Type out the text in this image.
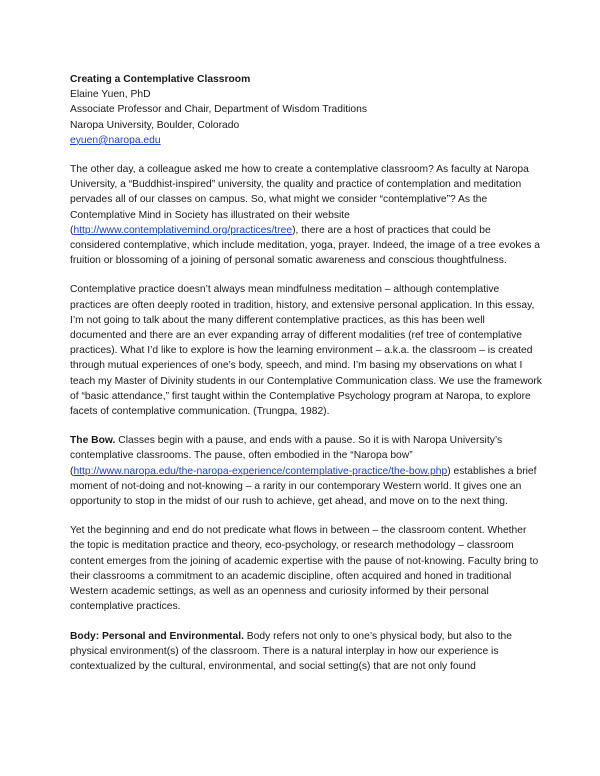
Creating a Contemplative Classroom
Elaine Yuen, PhD
Associate Professor and Chair, Department of Wisdom Traditions
Naropa University, Boulder, Colorado
eyuen@naropa.edu

The other day, a colleague asked me how to create a contemplative classroom? As faculty at Naropa University, a “Buddhist-inspired” university, the quality and practice of contemplation and meditation pervades all of our classes on campus. So, what might we consider “contemplative”? As the Contemplative Mind in Society has illustrated on their website (http://www.contemplativemind.org/practices/tree), there are a host of practices that could be considered contemplative, which include meditation, yoga, prayer. Indeed, the image of a tree evokes a fruition or blossoming of a joining of personal somatic awareness and conscious thoughtfulness.

Contemplative practice doesn’t always mean mindfulness meditation – although contemplative practices are often deeply rooted in tradition, history, and extensive personal application. In this essay, I’m not going to talk about the many different contemplative practices, as this has been well documented and there are an ever expanding array of different modalities (ref tree of contemplative practices). What I’d like to explore is how the learning environment – a.k.a. the classroom – is created through mutual experiences of one’s body, speech, and mind. I’m basing my observations on what I teach my Master of Divinity students in our Contemplative Communication class. We use the framework of “basic attendance,” first taught within the Contemplative Psychology program at Naropa, to explore facets of contemplative communication. (Trungpa, 1982).

The Bow. Classes begin with a pause, and ends with a pause. So it is with Naropa University’s contemplative classrooms. The pause, often embodied in the “Naropa bow” (http://www.naropa.edu/the-naropa-experience/contemplative-practice/the-bow.php) establishes a brief moment of not-doing and not-knowing – a rarity in our contemporary Western world. It gives one an opportunity to stop in the midst of our rush to achieve, get ahead, and move on to the next thing.

Yet the beginning and end do not predicate what flows in between – the classroom content. Whether the topic is meditation practice and theory, eco-psychology, or research methodology – classroom content emerges from the joining of academic expertise with the pause of not-knowing. Faculty bring to their classrooms a commitment to an academic discipline, often acquired and honed in traditional Western academic settings, as well as an openness and curiosity informed by their personal contemplative practices.

Body: Personal and Environmental. Body refers not only to one’s physical body, but also to the physical environment(s) of the classroom. There is a natural interplay in how our experience is contextualized by the cultural, environmental, and social setting(s) that are not only found
